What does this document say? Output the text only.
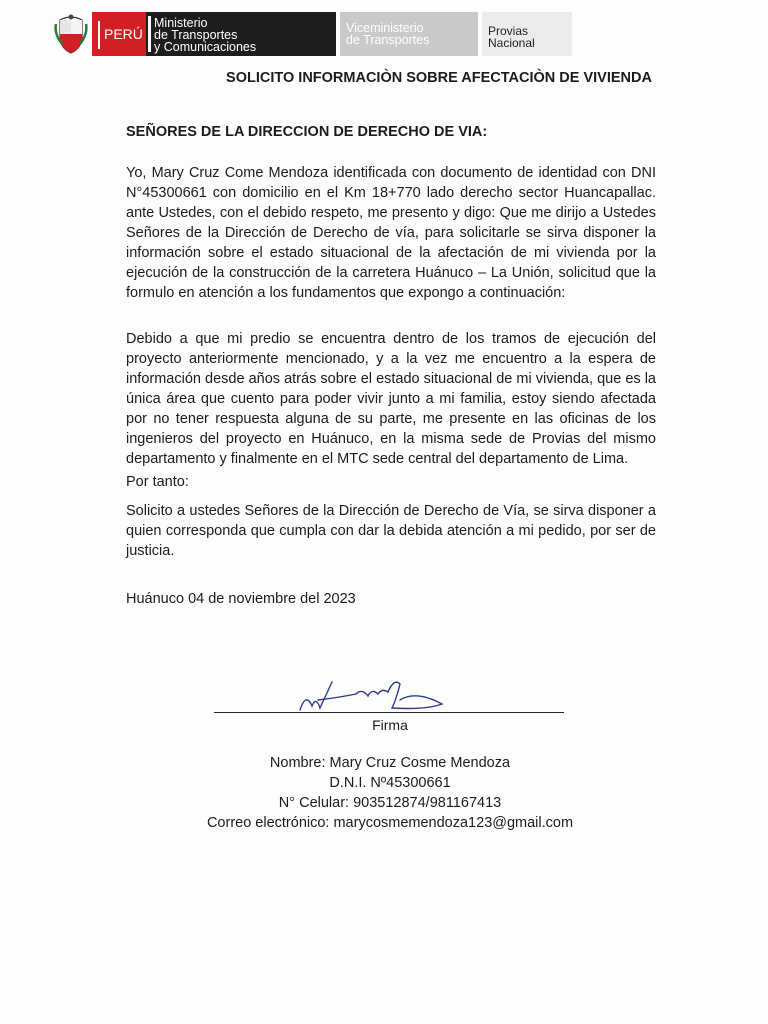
PERÚ
Ministerio
de Transportes
y Comunicaciones
Viceministerio
de Transportes
Provias
Nacional
SOLICITO INFORMACIÒN SOBRE AFECTACIÒN DE VIVIENDA
SEÑORES DE LA DIRECCION DE DERECHO DE VIA:

Yo, Mary Cruz Come Mendoza identificada con documento de identidad con DNI N°45300661 con domicilio en el Km 18+770 lado derecho sector Huancapallac. ante Ustedes, con el debido respeto, me presento y digo: Que me dirijo a Ustedes Señores de la Dirección de Derecho de vía, para solicitarle se sirva disponer la información sobre el estado situacional de la afectación de mi vivienda por la ejecución de la construcción de la carretera Huánuco – La Unión, solicitud que la formulo en atención a los fundamentos que expongo a continuación:

Debido a que mi predio se encuentra dentro de los tramos de ejecución del proyecto anteriormente mencionado, y a la vez me encuentro a la espera de información desde años atrás sobre el estado situacional de mi vivienda, que es la única área que cuento para poder vivir junto a mi familia, estoy siendo afectada por no tener respuesta alguna de su parte, me presente en las oficinas de los ingenieros del proyecto en Huánuco, en la misma sede de Provias del mismo departamento y finalmente en el MTC sede central del departamento de Lima.

Por tanto:

Solicito a ustedes Señores de la Dirección de Derecho de Vía, se sirva disponer a quien corresponda que cumpla con dar la debida atención a mi pedido, por ser de justicia.

Huánuco 04 de noviembre del 2023
Firma
Nombre: Mary Cruz Cosme Mendoza
D.N.I. Nº45300661
N° Celular: 903512874/981167413
Correo electrónico: marycosmemendoza123@gmail.com
